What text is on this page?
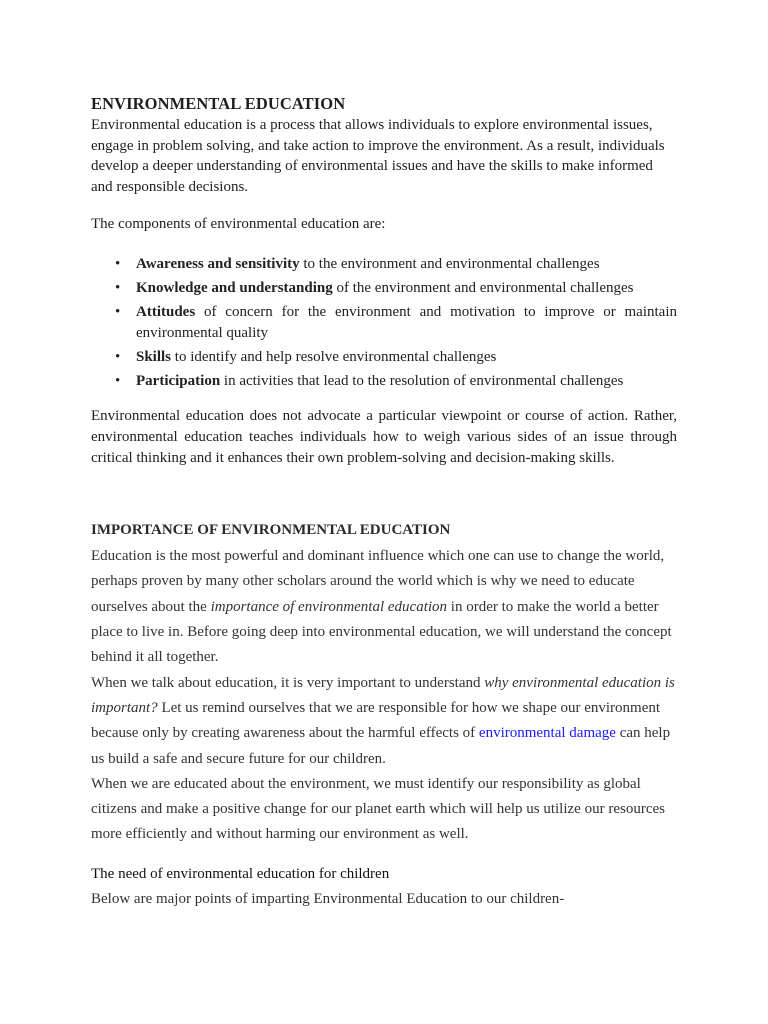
ENVIRONMENTAL EDUCATION

Environmental education is a process that allows individuals to explore environmental issues, engage in problem solving, and take action to improve the environment. As a result, individuals develop a deeper understanding of environmental issues and have the skills to make informed and responsible decisions.

The components of environmental education are:

• Awareness and sensitivity to the environment and environmental challenges
• Knowledge and understanding of the environment and environmental challenges
• Attitudes of concern for the environment and motivation to improve or maintain environmental quality
• Skills to identify and help resolve environmental challenges
• Participation in activities that lead to the resolution of environmental challenges

Environmental education does not advocate a particular viewpoint or course of action. Rather, environmental education teaches individuals how to weigh various sides of an issue through critical thinking and it enhances their own problem-solving and decision-making skills.

IMPORTANCE OF ENVIRONMENTAL EDUCATION

Education is the most powerful and dominant influence which one can use to change the world, perhaps proven by many other scholars around the world which is why we need to educate ourselves about the importance of environmental education in order to make the world a better place to live in. Before going deep into environmental education, we will understand the concept behind it all together.

When we talk about education, it is very important to understand why environmental education is important? Let us remind ourselves that we are responsible for how we shape our environment because only by creating awareness about the harmful effects of environmental damage can help us build a safe and secure future for our children.

When we are educated about the environment, we must identify our responsibility as global citizens and make a positive change for our planet earth which will help us utilize our resources more efficiently and without harming our environment as well.

The need of environmental education for children

Below are major points of imparting Environmental Education to our children-
